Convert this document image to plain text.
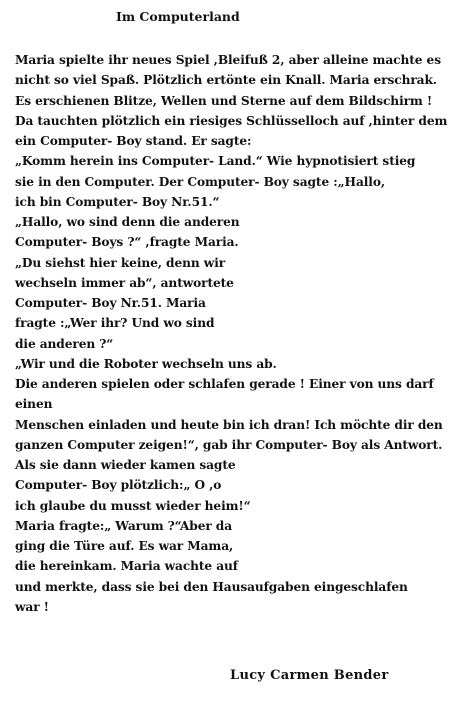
Im Computerland
Maria spielte ihr neues Spiel ,Bleifuß 2, aber alleine machte es
nicht so viel Spaß. Plötzlich ertönte ein Knall. Maria erschrak.
Es erschienen Blitze, Wellen und Sterne auf dem Bildschirm !
Da tauchten plötzlich ein riesiges Schlüsselloch auf ,hinter dem
ein Computer- Boy stand. Er sagte:
„Komm herein ins Computer- Land.“ Wie hypnotisiert stieg
sie in den Computer. Der Computer- Boy sagte :„Hallo,
ich bin Computer- Boy Nr.51.“
„Hallo, wo sind denn die anderen
Computer- Boys ?“ ,fragte Maria.
„Du siehst hier keine, denn wir
wechseln immer ab“, antwortete
Computer- Boy Nr.51. Maria
fragte :„Wer ihr? Und wo sind
die anderen ?“
„Wir und die Roboter wechseln uns ab.
Die anderen spielen oder schlafen gerade ! Einer von uns darf
einen
Menschen einladen und heute bin ich dran! Ich möchte dir den
ganzen Computer zeigen!“, gab ihr Computer- Boy als Antwort.
Als sie dann wieder kamen sagte
Computer- Boy plötzlich:„ O ,o
ich glaube du musst wieder heim!“
Maria fragte:„ Warum ?“Aber da
ging die Türe auf. Es war Mama,
die hereinkam. Maria wachte auf
und merkte, dass sie bei den Hausaufgaben eingeschlafen
war !
Lucy Carmen Bender
